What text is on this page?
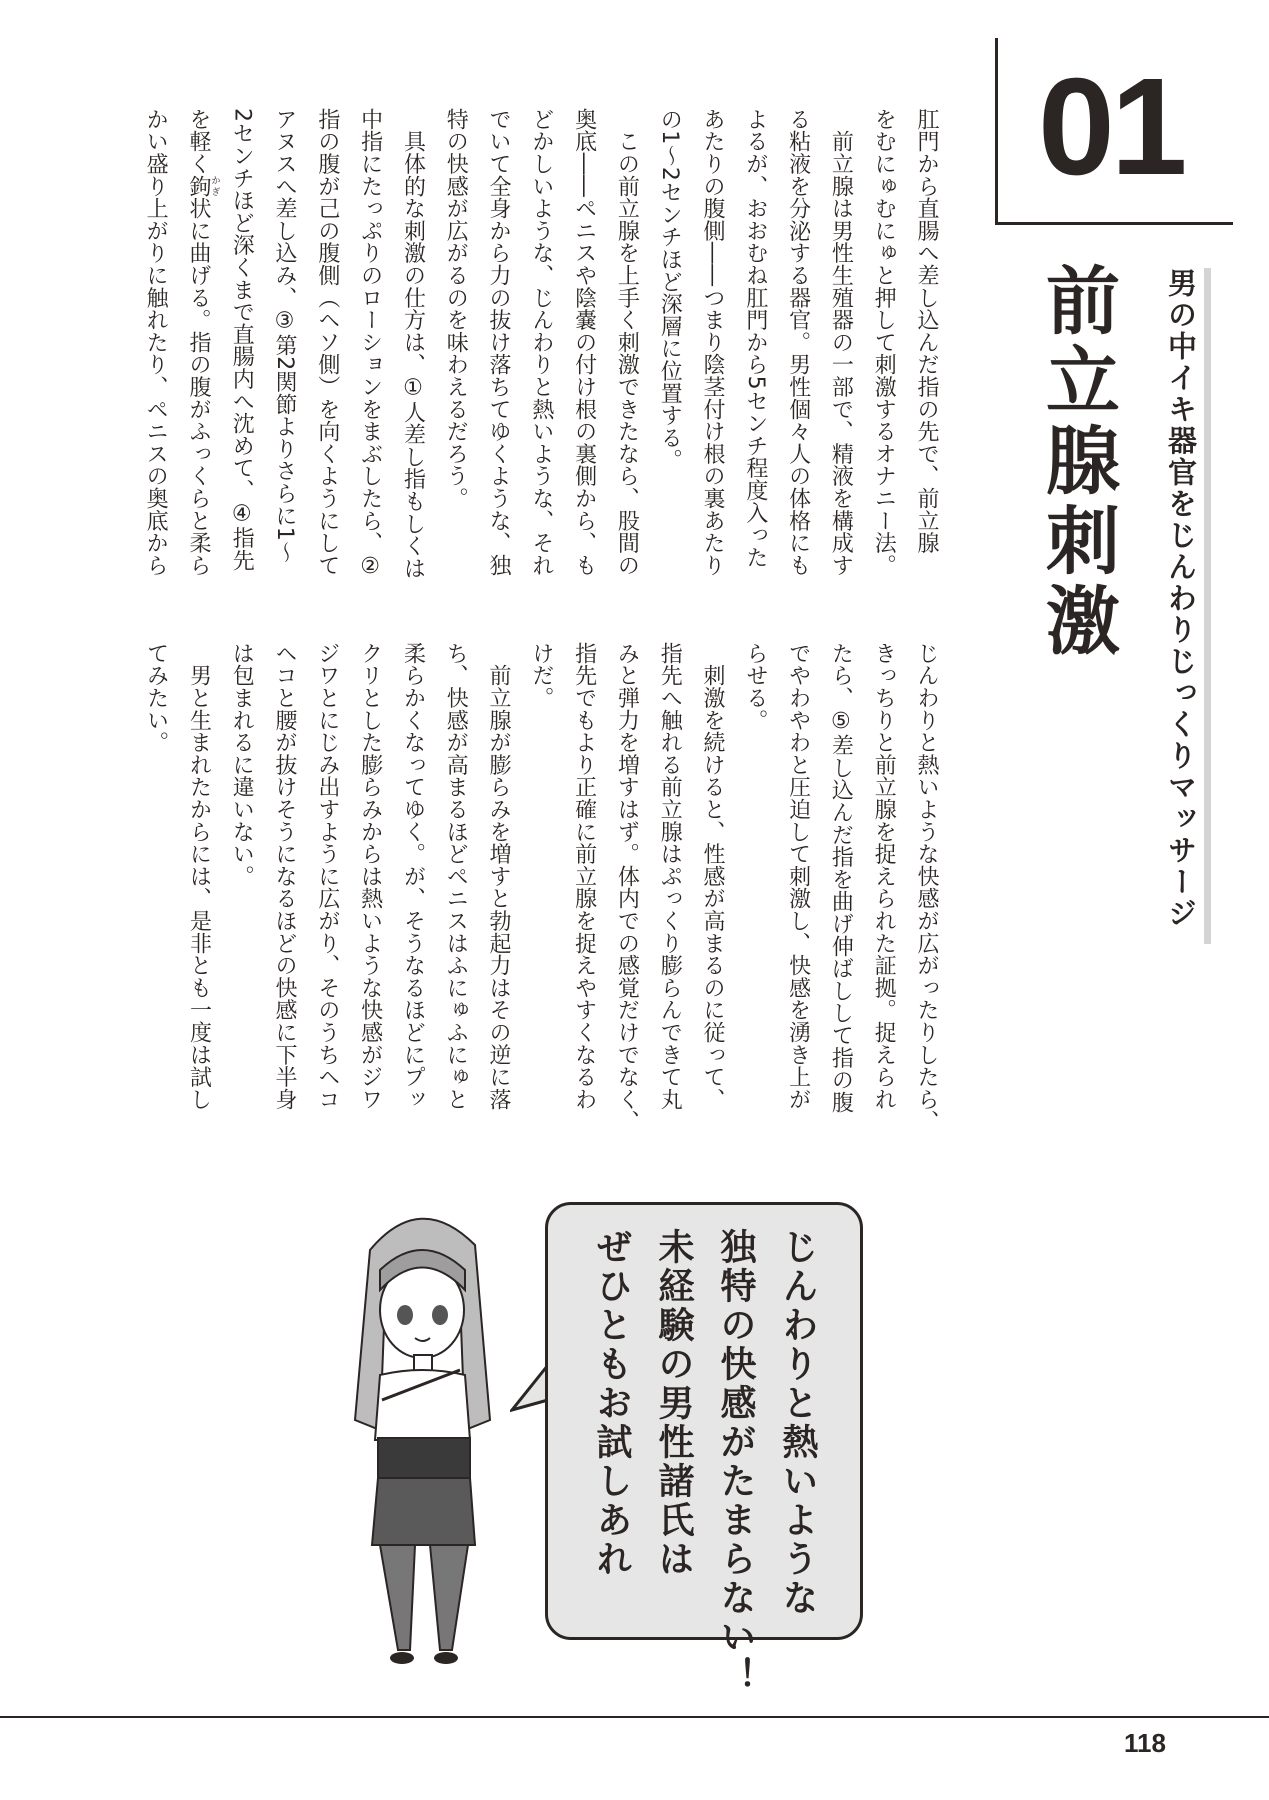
01
前立腺刺激 男の中イキ器官をじんわりじっくりマッサージ
肛門から直腸へ差し込んだ指の先で、前立腺
をむにゅむにゅと押して刺激するオナニー法。
　前立腺は男性生殖器の一部で、精液を構成す
る粘液を分泌する器官。男性個々人の体格にも
よるが、おおむね肛門から5センチ程度入った
あたりの腹側――つまり陰茎付け根の裏あたり
の1～2センチほど深層に位置する。
　この前立腺を上手く刺激できたなら、股間の
奥底――ペニスや陰嚢の付け根の裏側から、も
どかしいような、じんわりと熱いような、それ
でいて全身から力の抜け落ちてゆくような、独
特の快感が広がるのを味わえるだろう。
　具体的な刺激の仕方は、①人差し指もしくは
中指にたっぷりのローションをまぶしたら、②
指の腹が己の腹側（ヘソ側）を向くようにして
アヌスへ差し込み、③第2関節よりさらに1～
2センチほど深くまで直腸内へ沈めて、④指先
を軽く鉤かぎ状に曲げる。指の腹がふっくらと柔ら
かい盛り上がりに触れたり、ペニスの奥底から
じんわりと熱いような快感が広がったりしたら、
きっちりと前立腺を捉えられた証拠。捉えられ
たら、⑤差し込んだ指を曲げ伸ばしして指の腹
でやわやわと圧迫して刺激し、快感を湧き上が
らせる。
　刺激を続けると、性感が高まるのに従って、
指先へ触れる前立腺はぷっくり膨らんできて丸
みと弾力を増すはず。体内での感覚だけでなく、
指先でもより正確に前立腺を捉えやすくなるわ
けだ。
　前立腺が膨らみを増すと勃起力はその逆に落
ち、快感が高まるほどペニスはふにゅふにゅと
柔らかくなってゆく。が、そうなるほどにプッ
クリとした膨らみからは熱いような快感がジワ
ジワとにじみ出すように広がり、そのうちヘコ
ヘコと腰が抜けそうになるほどの快感に下半身
は包まれるに違いない。
　男と生まれたからには、是非とも一度は試し
てみたい。
じんわりと熱いような
独特の快感がたまらない！
未経験の男性諸氏は
ぜひともお試しあれ
118
